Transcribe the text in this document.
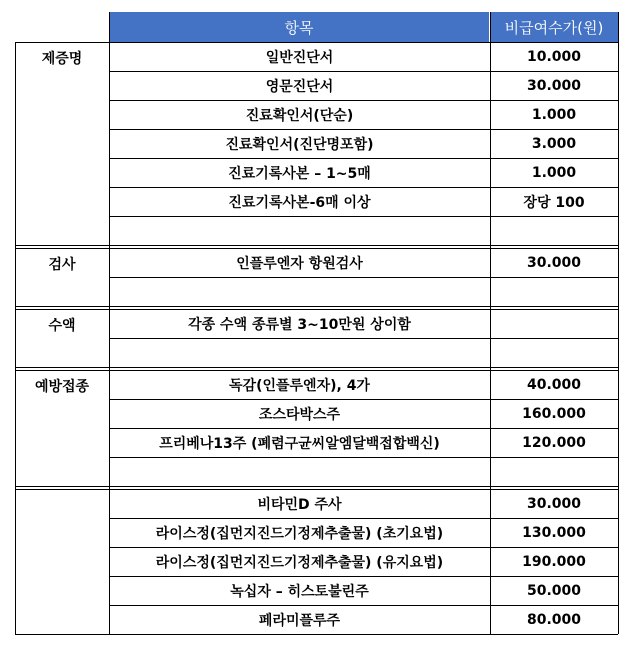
항목	비급여수가(원)
제증명	일반진단서	10.000
영문진단서	30.000
진료확인서(단순)	1.000
진료확인서(진단명포함)	3.000
진료기록사본 – 1~5매	1.000
진료기록사본-6매 이상	장당 100
검사	인플루엔자 항원검사	30.000
수액	각종 수액 종류별 3~10만원 상이함
예방접종	독감(인플루엔자), 4가	40.000
조스타박스주	160.000
프리베나13주 (폐렴구균씨알엠달백접합백신)	120.000
비타민D 주사	30.000
라이스정(집먼지진드기정제추출물) (초기요법)	130.000
라이스정(집먼지진드기정제추출물) (유지요법)	190.000
녹십자 – 히스토불린주	50.000
페라미플루주	80.000
